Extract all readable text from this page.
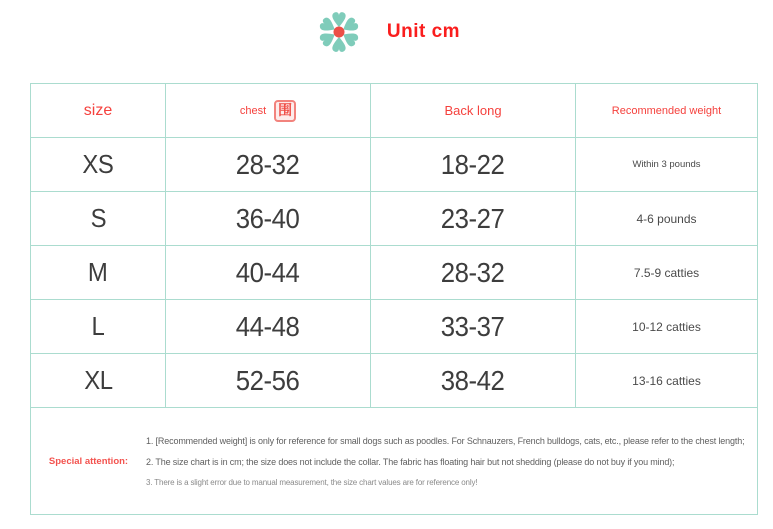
Unit cm
size	chest 围	Back long	Recommended weight
XS	28-32	18-22	Within 3 pounds
S	36-40	23-27	4-6 pounds
M	40-44	28-32	7.5-9 catties
L	44-48	33-37	10-12 catties
XL	52-56	38-42	13-16 catties
Special attention:
1. [Recommended weight] is only for reference for small dogs such as poodles. For Schnauzers, French bulldogs, cats, etc., please refer to the chest length;
2. The size chart is in cm; the size does not include the collar. The fabric has floating hair but not shedding (please do not buy if you mind);
3. There is a slight error due to manual measurement, the size chart values are for reference only!
